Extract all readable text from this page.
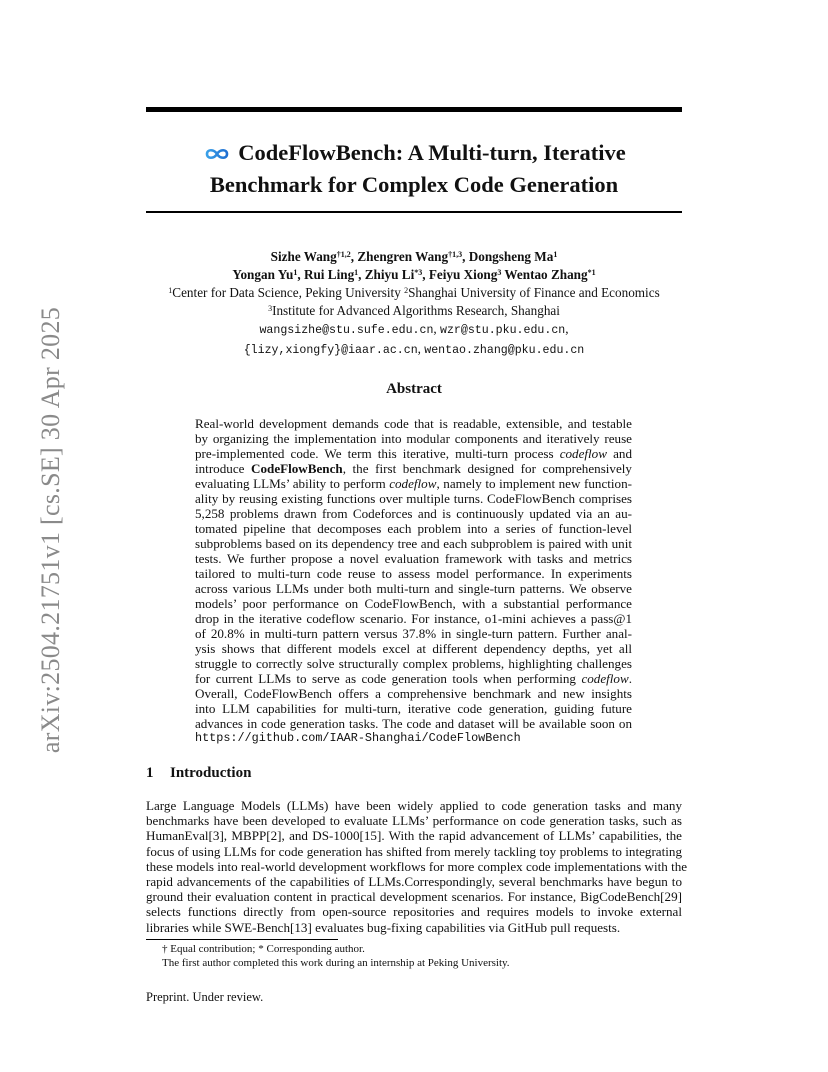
arXiv:2504.21751v1 [cs.SE] 30 Apr 2025
CodeFlowBench: A Multi-turn, Iterative
Benchmark for Complex Code Generation
Sizhe Wang$^{\dagger 1,2}$, Zhengren Wang$^{\dagger 1,3}$, Dongsheng Ma$^1$
Yongan Yu$^1$, Rui Ling$^1$, Zhiyu Li$^{*3}$, Feiyu Xiong$^3$ Wentao Zhang$^{*1}$
$^1$Center for Data Science, Peking University $^2$Shanghai University of Finance and Economics
$^3$Institute for Advanced Algorithms Research, Shanghai
wangsizhe@stu.sufe.edu.cn, wzr@stu.pku.edu.cn,
{lizy,xiongfy}@iaar.ac.cn, wentao.zhang@pku.edu.cn
Abstract
Real-world development demands code that is readable, extensible, and testable
by organizing the implementation into modular components and iteratively reuse
pre-implemented code. We term this iterative, multi-turn process codeflow and
introduce CodeFlowBench, the first benchmark designed for comprehensively
evaluating LLMs’ ability to perform codeflow, namely to implement new function-
ality by reusing existing functions over multiple turns. CodeFlowBench comprises
5,258 problems drawn from Codeforces and is continuously updated via an au-
tomated pipeline that decomposes each problem into a series of function-level
subproblems based on its dependency tree and each subproblem is paired with unit
tests. We further propose a novel evaluation framework with tasks and metrics
tailored to multi-turn code reuse to assess model performance. In experiments
across various LLMs under both multi-turn and single-turn patterns. We observe
models’ poor performance on CodeFlowBench, with a substantial performance
drop in the iterative codeflow scenario. For instance, o1-mini achieves a pass@1
of 20.8% in multi-turn pattern versus 37.8% in single-turn pattern. Further anal-
ysis shows that different models excel at different dependency depths, yet all
struggle to correctly solve structurally complex problems, highlighting challenges
for current LLMs to serve as code generation tools when performing codeflow.
Overall, CodeFlowBench offers a comprehensive benchmark and new insights
into LLM capabilities for multi-turn, iterative code generation, guiding future
advances in code generation tasks. The code and dataset will be available soon on
https://github.com/IAAR-Shanghai/CodeFlowBench
1 Introduction
Large Language Models (LLMs) have been widely applied to code generation tasks and many
benchmarks have been developed to evaluate LLMs’ performance on code generation tasks, such as
HumanEval[3], MBPP[2], and DS-1000[15]. With the rapid advancement of LLMs’ capabilities, the
focus of using LLMs for code generation has shifted from merely tackling toy problems to integrating
these models into real-world development workflows for more complex code implementations with the
rapid advancements of the capabilities of LLMs.Correspondingly, several benchmarks have begun to
ground their evaluation content in practical development scenarios. For instance, BigCodeBench[29]
selects functions directly from open-source repositories and requires models to invoke external
libraries while SWE-Bench[13] evaluates bug-fixing capabilities via GitHub pull requests.
† Equal contribution; * Corresponding author.
The first author completed this work during an internship at Peking University.
Preprint. Under review.
